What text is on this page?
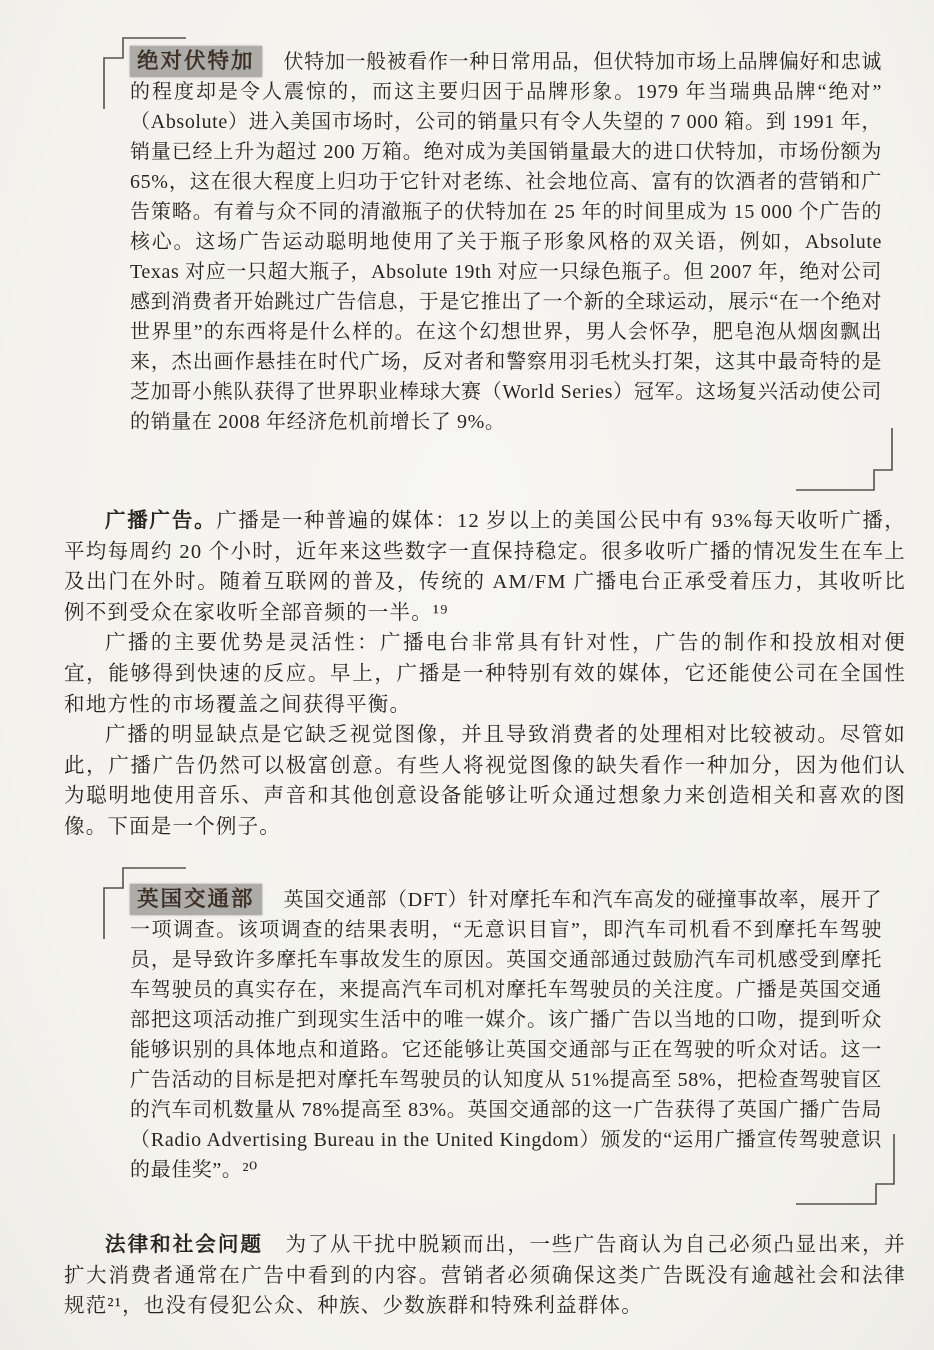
绝对伏特加 伏特加一般被看作一种日常用品，但伏特加市场上品牌偏好和忠诚的程度却是令人震惊的，而这主要归因于品牌形象。1979 年当瑞典品牌“绝对”（Absolute）进入美国市场时，公司的销量只有令人失望的 7 000 箱。到 1991 年，销量已经上升为超过 200 万箱。绝对成为美国销量最大的进口伏特加，市场份额为 65%，这在很大程度上归功于它针对老练、社会地位高、富有的饮酒者的营销和广告策略。有着与众不同的清澈瓶子的伏特加在 25 年的时间里成为 15 000 个广告的核心。这场广告运动聪明地使用了关于瓶子形象风格的双关语，例如，Absolute Texas 对应一只超大瓶子，Absolute 19th 对应一只绿色瓶子。但 2007 年，绝对公司感到消费者开始跳过广告信息，于是它推出了一个新的全球运动，展示“在一个绝对世界里”的东西将是什么样的。在这个幻想世界，男人会怀孕，肥皂泡从烟囱飘出来，杰出画作悬挂在时代广场，反对者和警察用羽毛枕头打架，这其中最奇特的是芝加哥小熊队获得了世界职业棒球大赛（World Series）冠军。这场复兴活动使公司的销量在 2008 年经济危机前增长了 9%。

广播广告。广播是一种普遍的媒体：12 岁以上的美国公民中有 93%每天收听广播，平均每周约 20 个小时，近年来这些数字一直保持稳定。很多收听广播的情况发生在车上及出门在外时。随着互联网的普及，传统的 AM/FM 广播电台正承受着压力，其收听比例不到受众在家收听全部音频的一半。¹⁹

广播的主要优势是灵活性：广播电台非常具有针对性，广告的制作和投放相对便宜，能够得到快速的反应。早上，广播是一种特别有效的媒体，它还能使公司在全国性和地方性的市场覆盖之间获得平衡。

广播的明显缺点是它缺乏视觉图像，并且导致消费者的处理相对比较被动。尽管如此，广播广告仍然可以极富创意。有些人将视觉图像的缺失看作一种加分，因为他们认为聪明地使用音乐、声音和其他创意设备能够让听众通过想象力来创造相关和喜欢的图像。下面是一个例子。

英国交通部 英国交通部（DFT）针对摩托车和汽车高发的碰撞事故率，展开了一项调查。该项调查的结果表明，“无意识目盲”，即汽车司机看不到摩托车驾驶员，是导致许多摩托车事故发生的原因。英国交通部通过鼓励汽车司机感受到摩托车驾驶员的真实存在，来提高汽车司机对摩托车驾驶员的关注度。广播是英国交通部把这项活动推广到现实生活中的唯一媒介。该广播广告以当地的口吻，提到听众能够识别的具体地点和道路。它还能够让英国交通部与正在驾驶的听众对话。这一广告活动的目标是把对摩托车驾驶员的认知度从 51%提高至 58%，把检查驾驶盲区的汽车司机数量从 78%提高至 83%。英国交通部的这一广告获得了英国广播广告局（Radio Advertising Bureau in the United Kingdom）颁发的“运用广播宣传驾驶意识的最佳奖”。²⁰

法律和社会问题 为了从干扰中脱颖而出，一些广告商认为自己必须凸显出来，并扩大消费者通常在广告中看到的内容。营销者必须确保这类广告既没有逾越社会和法律规范²¹，也没有侵犯公众、种族、少数族群和特殊利益群体。
